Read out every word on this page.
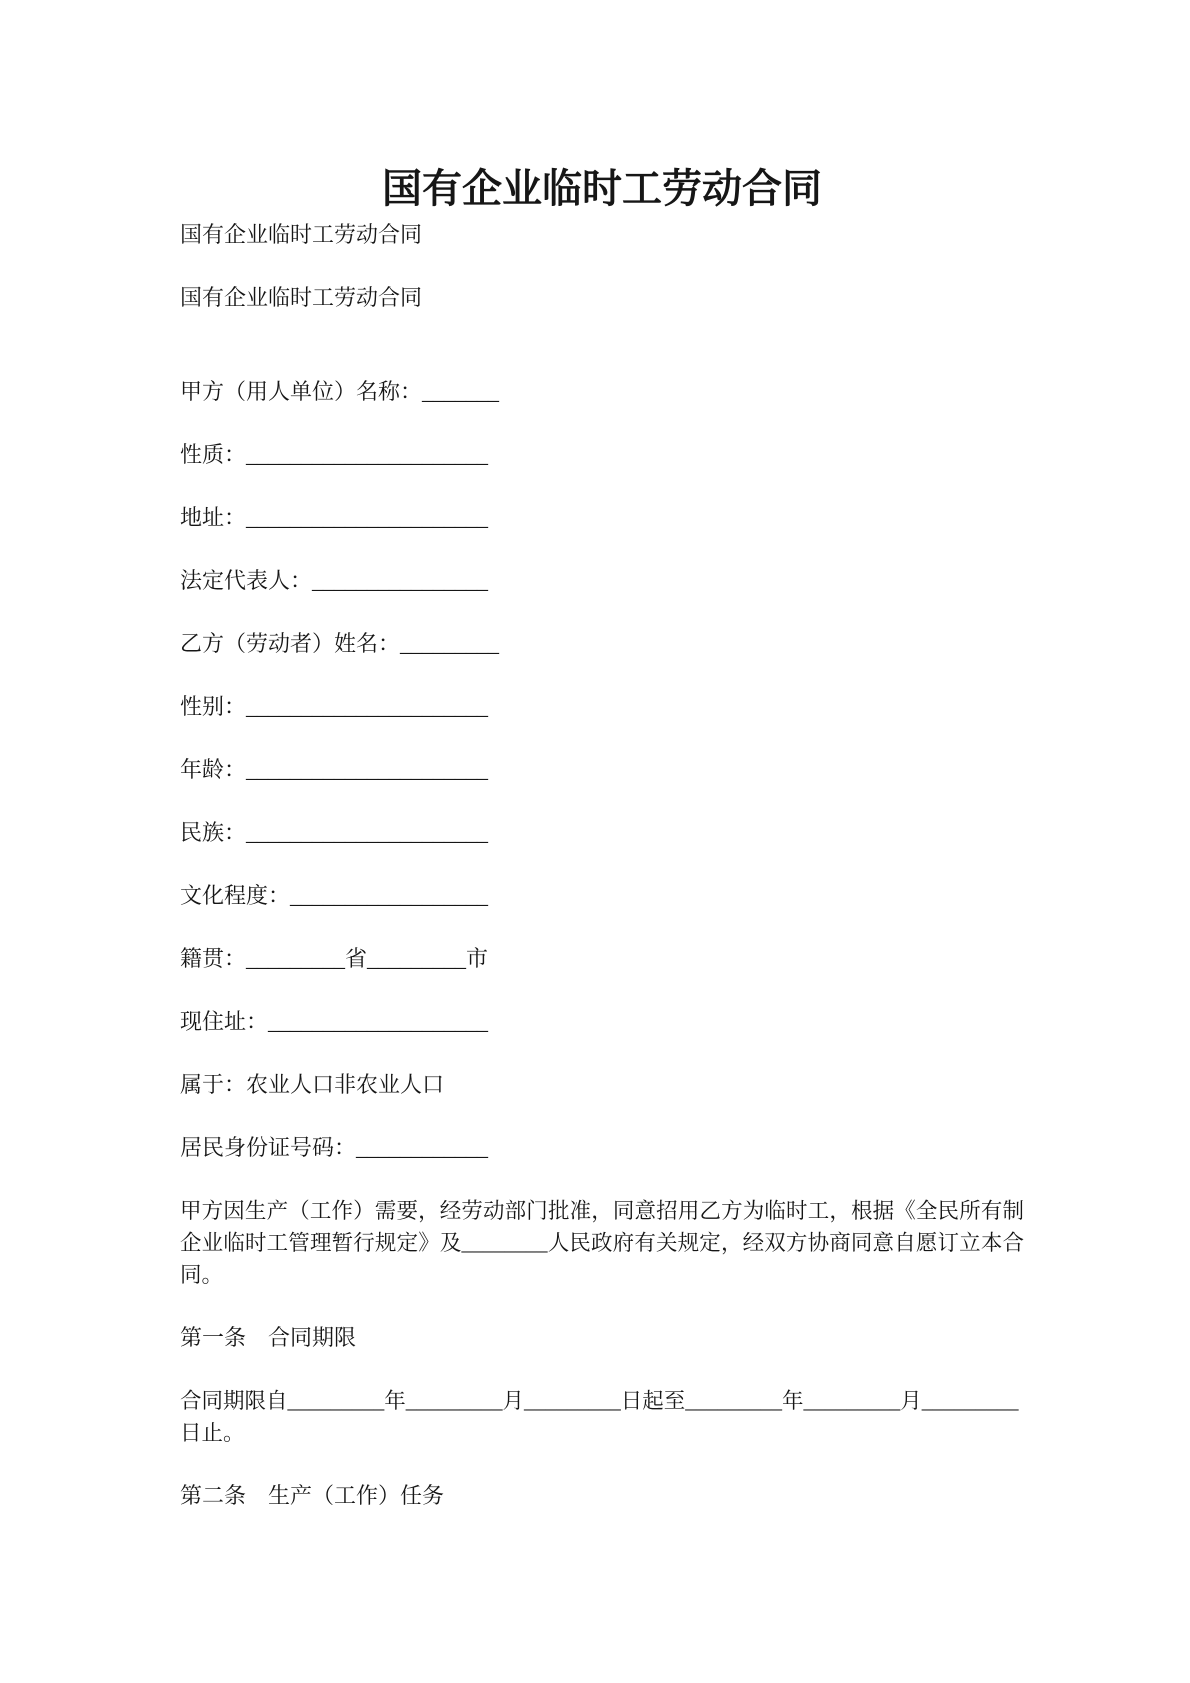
国有企业临时工劳动合同

国有企业临时工劳动合同

国有企业临时工劳动合同

甲方（用人单位）名称：_______

性质：______________________

地址：______________________

法定代表人：________________

乙方（劳动者）姓名：_________

性别：______________________

年龄：______________________

民族：______________________

文化程度：__________________

籍贯：_________省_________市

现住址：____________________

属于：农业人口非农业人口

居民身份证号码：____________

甲方因生产（工作）需要，经劳动部门批准，同意招用乙方为临时工，根据《全民所有制

企业临时工管理暂行规定》及________人民政府有关规定，经双方协商同意自愿订立本合

同。

第一条　合同期限

合同期限自_________年_________月_________日起至_________年_________月_________

日止。

第二条　生产（工作）任务
